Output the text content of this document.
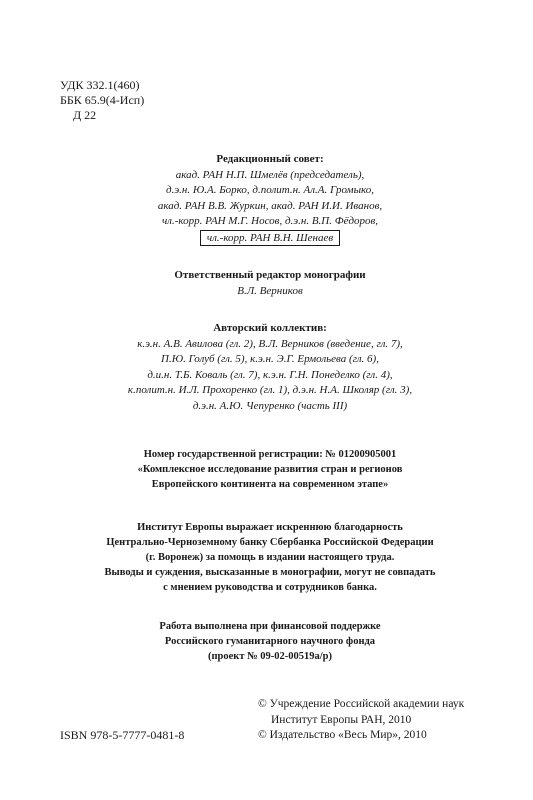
УДК 332.1(460)
ББК 65.9(4-Исп)
Д 22
Редакционный совет:
акад. РАН Н.П. Шмелёв (председатель),
д.э.н. Ю.А. Борко, д.полит.н. Ал.А. Громыко,
акад. РАН В.В. Журкин, акад. РАН И.И. Иванов,
чл.-корр. РАН М.Г. Носов, д.э.н. В.П. Фёдоров,
чл.-корр. РАН В.Н. Шенаев
Ответственный редактор монографии
В.Л. Верников
Авторский коллектив:
к.э.н. А.В. Авилова (гл. 2), В.Л. Верников (введение, гл. 7),
П.Ю. Голуб (гл. 5), к.э.н. Э.Г. Ермольева (гл. 6),
д.и.н. Т.Б. Коваль (гл. 7), к.э.н. Г.Н. Понеделко (гл. 4),
к.полит.н. И.Л. Прохоренко (гл. 1), д.э.н. Н.А. Школяр (гл. 3),
д.э.н. А.Ю. Чепуренко (часть III)
Номер государственной регистрации: № 01200905001
«Комплексное исследование развития стран и регионов
Европейского континента на современном этапе»
Институт Европы выражает искреннюю благодарность
Центрально-Черноземному банку Сбербанка Российской Федерации
(г. Воронеж) за помощь в издании настоящего труда.
Выводы и суждения, высказанные в монографии, могут не совпадать
с мнением руководства и сотрудников банка.
Работа выполнена при финансовой поддержке
Российского гуманитарного научного фонда
(проект № 09-02-00519а/р)
© Учреждение Российской академии наук
Институт Европы РАН, 2010
© Издательство «Весь Мир», 2010
ISBN 978-5-7777-0481-8
